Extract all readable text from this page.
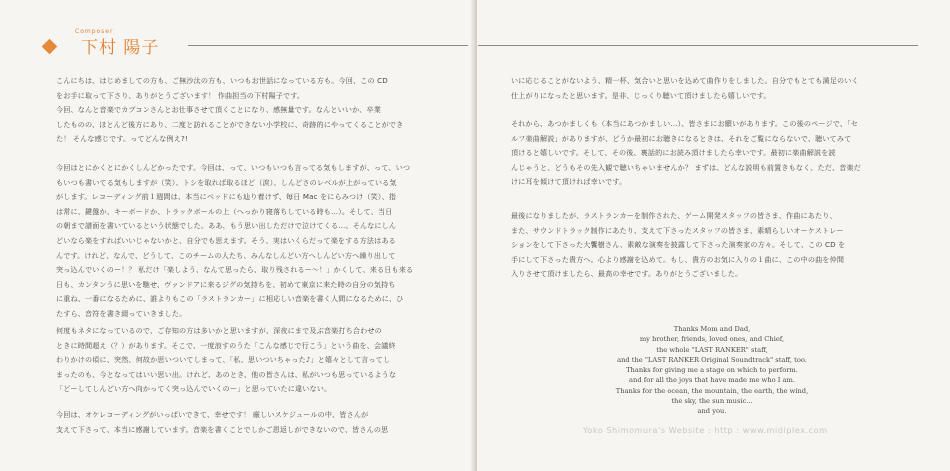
Composer
下村 陽子

こんにちは、はじめましての方も、ご無沙汰の方も、いつもお世話になっている方も。今回、この CD
をお手に取って下さり、ありがとうございます！ 作曲担当の下村陽子です。
今回、なんと音楽でカプコンさんとお仕事させて頂くことになり、感無量です。なんといいか、卒業
したものの、ほとんど後方にあり、二度と訪れることができない小学校に、奇跡的にやってくることができ
た！ そんな感じです。ってどんな例え?!

今回はとにかくとにかくしんどかったです。今回は、って、いつもいつも言ってる気もしますが、って、いつ
もいつも書いてる気もしますが（笑）、トシを取れば取るほど（涙）、しんどさのレベルが上がっている気
がします。レコーディング前１週間は、本当にベッドにも辿り着けず、毎日 Mac をにらみつけ（笑）、指
は常に、鍵盤か、キーボードか、トラックボールの上（へっかり寝落ちしている時も…）。そして、当日
の朝まで譜面を書いているという状態でした。ああ、もう思い出しただけで泣けてくる…。そんなにしん
どいなら楽をすればいいじゃないかと、自分でも思えます。そう、実はいくらだって楽をする方法はある
んです。けれど、なんで、どうして、このチームの人たち、みんなしんどい方へしんどい方へ繰り出して
突っ込んでいくのー！？ 私だけ「楽しよう、なんて思ったら、取り残されるー～！」かくして、来る日も来る
日も、カンタンうに思いを馳せ、ヴァンドアに来るジグの気持ちを、初めて東京に来た時の自分の気持ち
に重ね、一番になるために、誰よりもこの「ラストランカー」に相応しい音楽を書く人間になるために、ひ
たすら、音符を書き綴っていきました。

何度もネタになっているので、ご存知の方は多いかと思いますが、深夜にまで及ぶ音楽打ち合わせの
ときに時間超え（？）があります。そこで、一度浪すのうた「こんな感じで行こう」という曲を、会議終
わりかけの頃に、突然、何故か思いついてしまって、「私、思いついちゃった♪」と嬉々として言ってし
まったのも、今となってはいい思い出。けれど、あのとき、他の皆さんは、私がいつも思っているような
「どーしてしんどい方へ向かってく突っ込んでいくのー」と思っていたに違いない。

今回は、オケレコーディングがいっぱいできて、幸せです！ 厳しいスケジュールの中、皆さんが
支えて下さって、本当に感謝しています。音楽を書くことでしかご恩返しができないので、皆さんの思

いに応じることがないよう、精一杯、気合いと思いを込めて曲作りをしました。自分でもとても満足のいく
仕上がりになったと思います。是非、じっくり聴いて頂けましたら嬉しいです。

それから、あつかましくも（本当にあつかましい…）、皆さまにお願いがあります。この後のページで、「セ
ルフ楽曲解説」がありますが、どうか最初にお聴きになるときは、それをご覧にならないで、聴いてみて
頂けると嬉しいです。そして、その後、裏話的にお読み頂けましたら幸いです。最初に楽曲解説を読
んじゃうと、どうもその先入観で聴いちゃいませんか？ まずは、どんな説明も前置きもなく、ただ、音楽だ
けに耳を傾けて頂ければ幸いです。

最後になりましたが、ラストランカーを制作された、ゲーム開発スタッフの皆さま、作曲にあたり、
また、サウンドトラック制作にあたり、支えて下さったスタッフの皆さま、素晴らしいオーケストレー
ションをして下さった大饗樹さん、素敵な演奏を披露して下さった演奏家の方々。そして、この CD を
手にして下さった貴方へ。心より感謝を込めて。もし、貴方のお気に入りの１曲に、この中の曲を仲間
入りさせて頂けましたら、最高の幸せです。ありがとうございました。

Thanks Mom and Dad,
my brother, friends, loved ones, and Chief,
the whole "LAST RANKER" staff,
and the "LAST RANKER Original Soundtrack" staff, too.
Thanks for giving me a stage on which to perform.
and for all the joys that have made me who I am.
Thanks for the ocean, the mountain, the earth, the wind,
the sky, the sun music...
and you.
Yoko Shimomura's Website : http : www.midiplex.com
